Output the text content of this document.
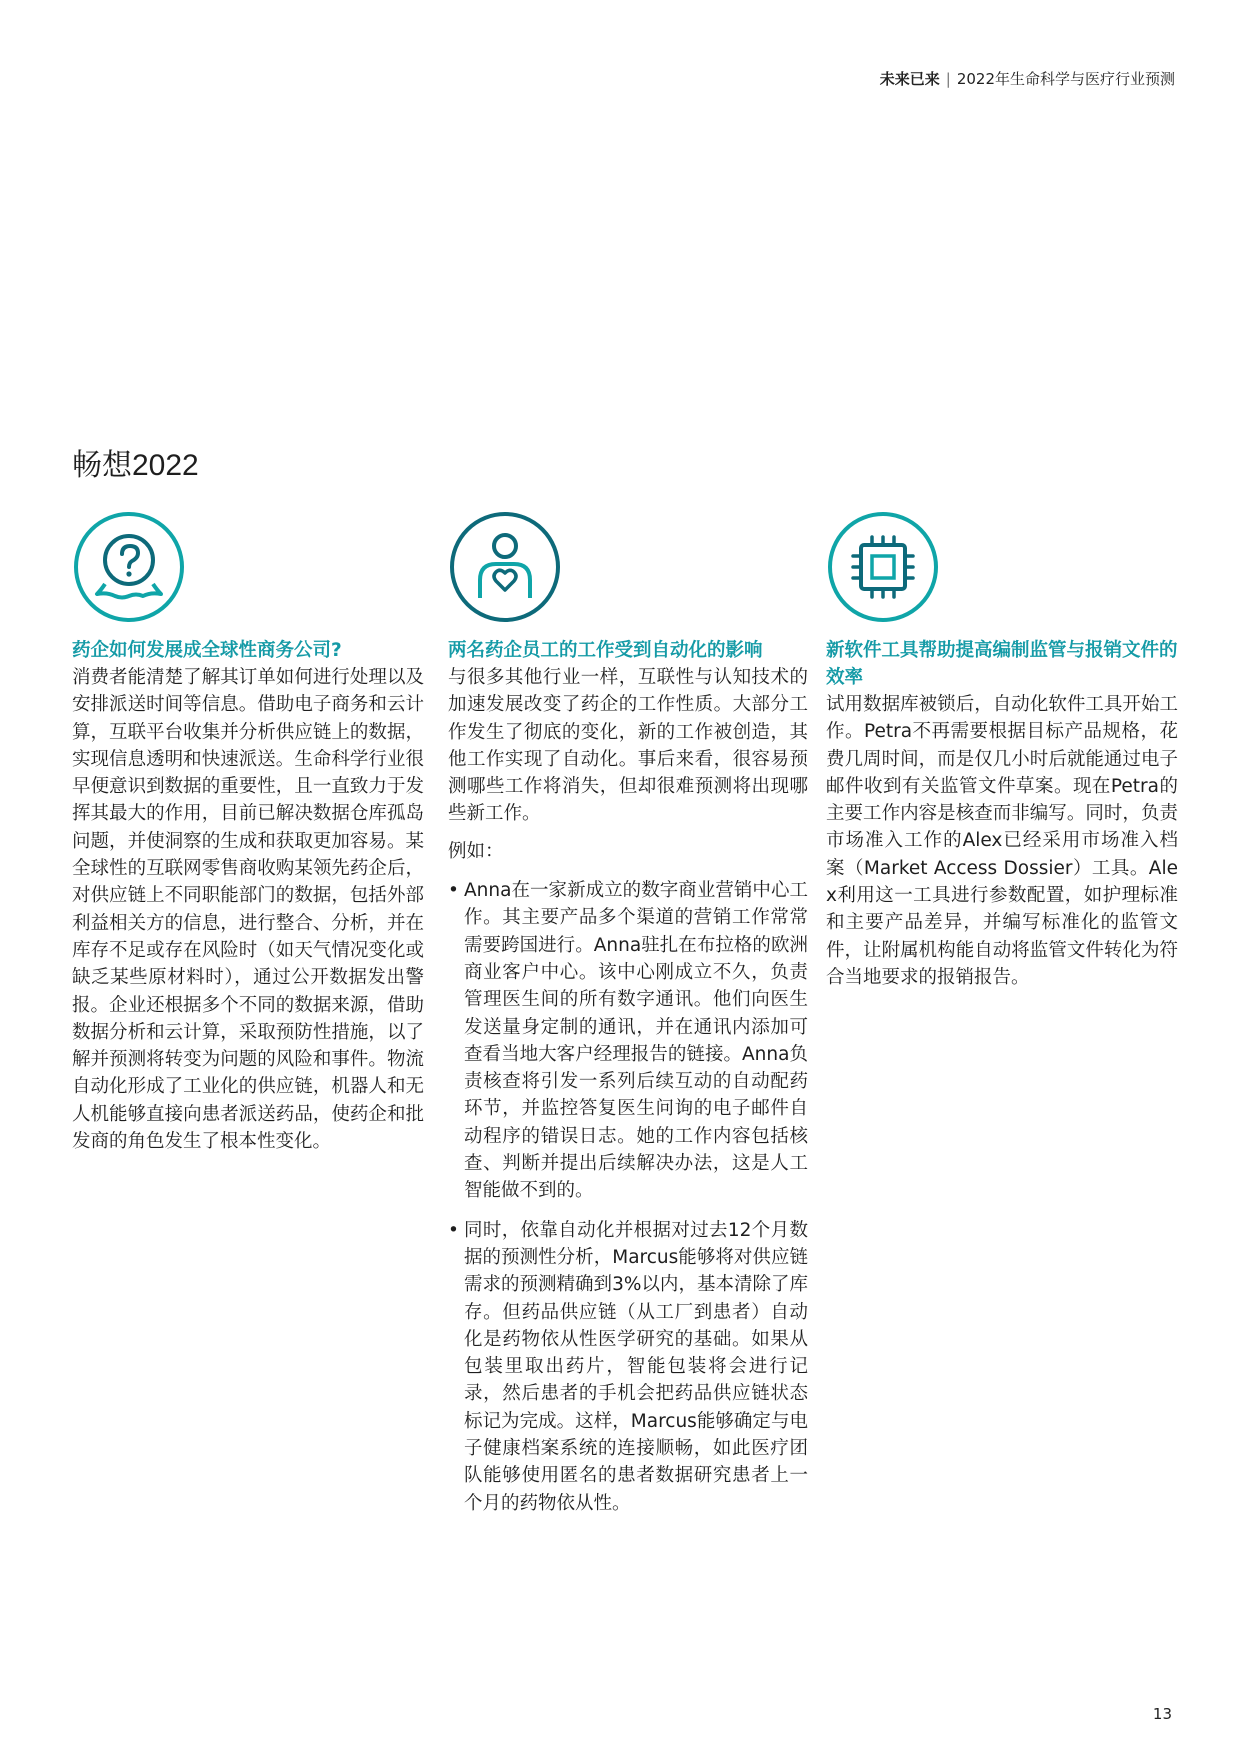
未来已来 | 2022年生命科学与医疗行业预测
畅想2022
药企如何发展成全球性商务公司?

消费者能清楚了解其订单如何进行处理以及安排派送时间等信息。借助电子商务和云计算，互联平台收集并分析供应链上的数据，实现信息透明和快速派送。生命科学行业很早便意识到数据的重要性，且一直致力于发挥其最大的作用，目前已解决数据仓库孤岛问题，并使洞察的生成和获取更加容易。某全球性的互联网零售商收购某领先药企后，对供应链上不同职能部门的数据，包括外部利益相关方的信息，进行整合、分析，并在库存不足或存在风险时（如天气情况变化或缺乏某些原材料时），通过公开数据发出警报。企业还根据多个不同的数据来源，借助数据分析和云计算，采取预防性措施，以了解并预测将转变为问题的风险和事件。物流自动化形成了工业化的供应链，机器人和无人机能够直接向患者派送药品，使药企和批发商的角色发生了根本性变化。

两名药企员工的工作受到自动化的影响

与很多其他行业一样，互联性与认知技术的加速发展改变了药企的工作性质。大部分工作发生了彻底的变化，新的工作被创造，其他工作实现了自动化。事后来看，很容易预测哪些工作将消失，但却很难预测将出现哪些新工作。

例如：

• Anna在一家新成立的数字商业营销中心工作。其主要产品多个渠道的营销工作常常需要跨国进行。Anna驻扎在布拉格的欧洲商业客户中心。该中心刚成立不久，负责管理医生间的所有数字通讯。他们向医生发送量身定制的通讯，并在通讯内添加可查看当地大客户经理报告的链接。Anna负责核查将引发一系列后续互动的自动配药环节，并监控答复医生问询的电子邮件自动程序的错误日志。她的工作内容包括核查、判断并提出后续解决办法，这是人工智能做不到的。
• 同时，依靠自动化并根据对过去12个月数据的预测性分析，Marcus能够将对供应链需求的预测精确到3%以内，基本清除了库存。但药品供应链（从工厂到患者）自动化是药物依从性医学研究的基础。如果从包装里取出药片，智能包装将会进行记录，然后患者的手机会把药品供应链状态标记为完成。这样，Marcus能够确定与电子健康档案系统的连接顺畅，如此医疗团队能够使用匿名的患者数据研究患者上一个月的药物依从性。
新软件工具帮助提高编制监管与报销文件的效率

试用数据库被锁后，自动化软件工具开始工作。Petra不再需要根据目标产品规格，花费几周时间，而是仅几小时后就能通过电子邮件收到有关监管文件草案。现在Petra的主要工作内容是核查而非编写。同时，负责市场准入工作的Alex已经采用市场准入档案（Market Access Dossier）工具。Alex利用这一工具进行参数配置，如护理标准和主要产品差异，并编写标准化的监管文件，让附属机构能自动将监管文件转化为符合当地要求的报销报告。

13
